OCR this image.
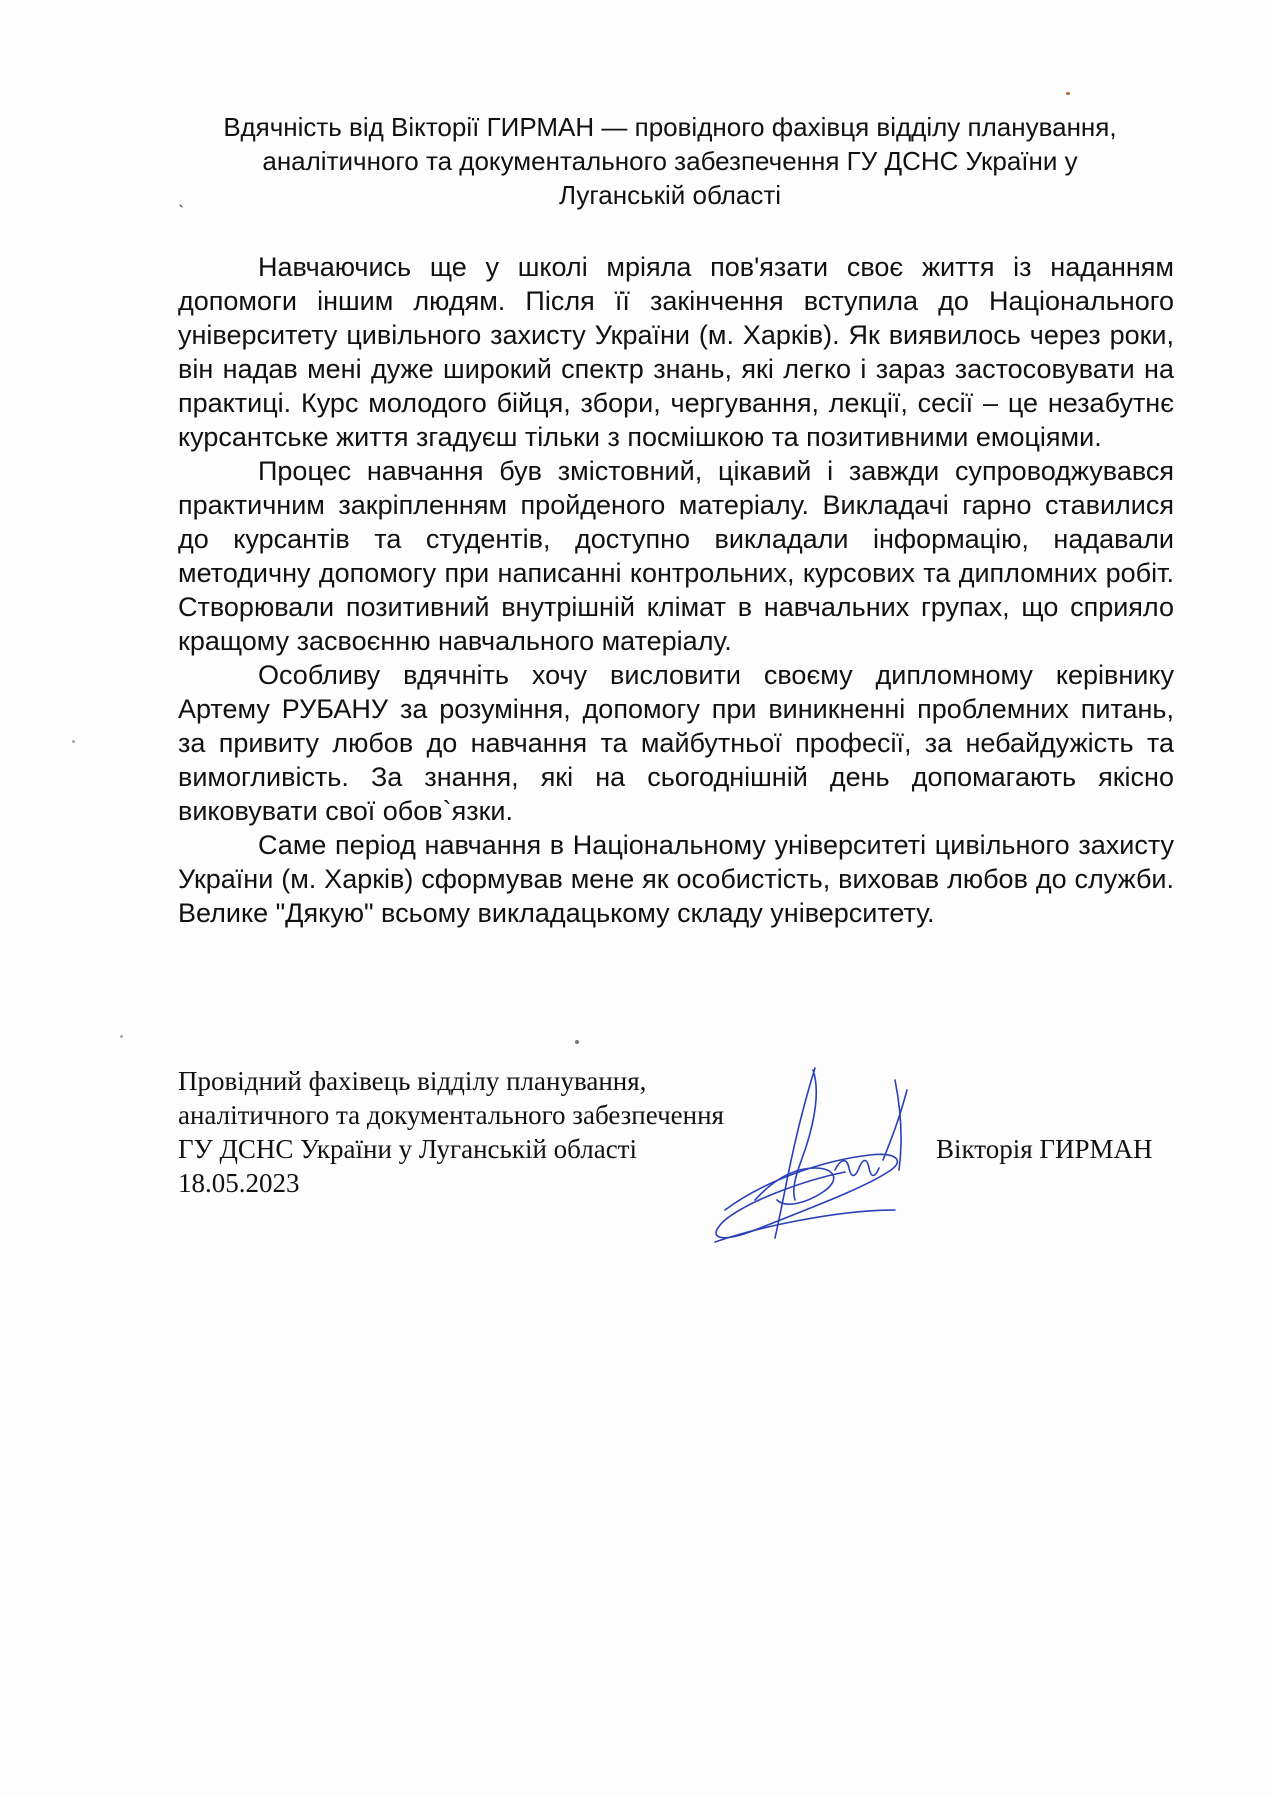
Вдячність від Вікторії ГИРМАН — провідного фахівця відділу планування,
аналітичного та документального забезпечення ГУ ДСНС України у
Луганській області
˴

Навчаючись ще у школі мріяла пов'язати своє життя із наданням допомоги іншим людям. Після її закінчення вступила до Національного університету цивільного захисту України (м. Харків). Як виявилось через роки, він надав мені дуже широкий спектр знань, які легко і зараз застосовувати на практиці. Курс молодого бійця, збори, чергування, лекції, сесії – це незабутнє курсантське життя згадуєш тільки з посмішкою та позитивними емоціями.

Процес навчання був змістовний, цікавий і завжди супроводжувався практичним закріпленням пройденого матеріалу. Викладачі гарно ставилися до курсантів та студентів, доступно викладали інформацію, надавали методичну допомогу при написанні контрольних, курсових та дипломних робіт. Створювали позитивний внутрішній клімат в навчальних групах, що сприяло кращому засвоєнню навчального матеріалу.

Особливу вдячніть хочу висловити своєму дипломному керівнику Артему РУБАНУ за розуміння, допомогу при виникненні проблемних питань, за привиту любов до навчання та майбутньої професії, за небайдужість та вимогливість. За знання, які на сьогоднішній день допомагають якісно виковувати свої обов`язки.

Саме період навчання в Національному університеті цивільного захисту України (м. Харків) сформував мене як особистість, виховав любов до служби. Велике "Дякую" всьому викладацькому складу університету.

Провідний фахівець відділу планування,
аналітичного та документального забезпечення
ГУ ДСНС України у Луганській області
18.05.2023
Вікторія ГИРМАН
